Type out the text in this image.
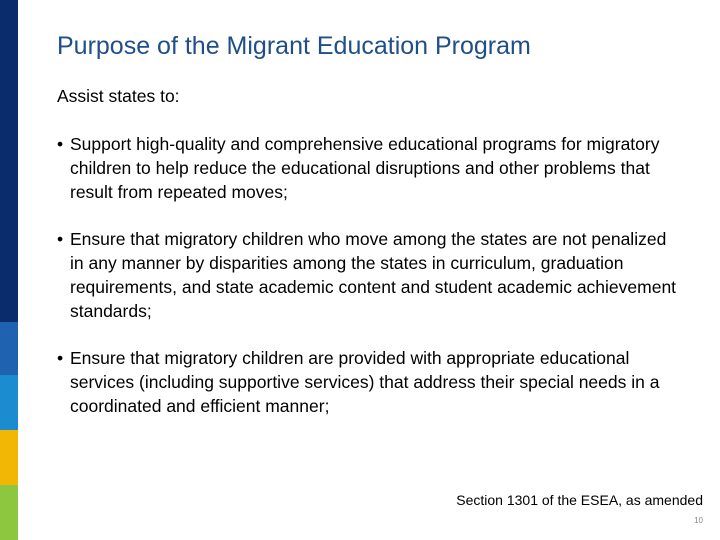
Purpose of the Migrant Education Program

Assist states to:

• Support high-quality and comprehensive educational programs for migratory children to help reduce the educational disruptions and other problems that result from repeated moves;
• Ensure that migratory children who move among the states are not penalized in any manner by disparities among the states in curriculum, graduation requirements, and state academic content and student academic achievement standards;
• Ensure that migratory children are provided with appropriate educational services (including supportive services) that address their special needs in a coordinated and efficient manner;

Section 1301 of the ESEA, as amended

10
